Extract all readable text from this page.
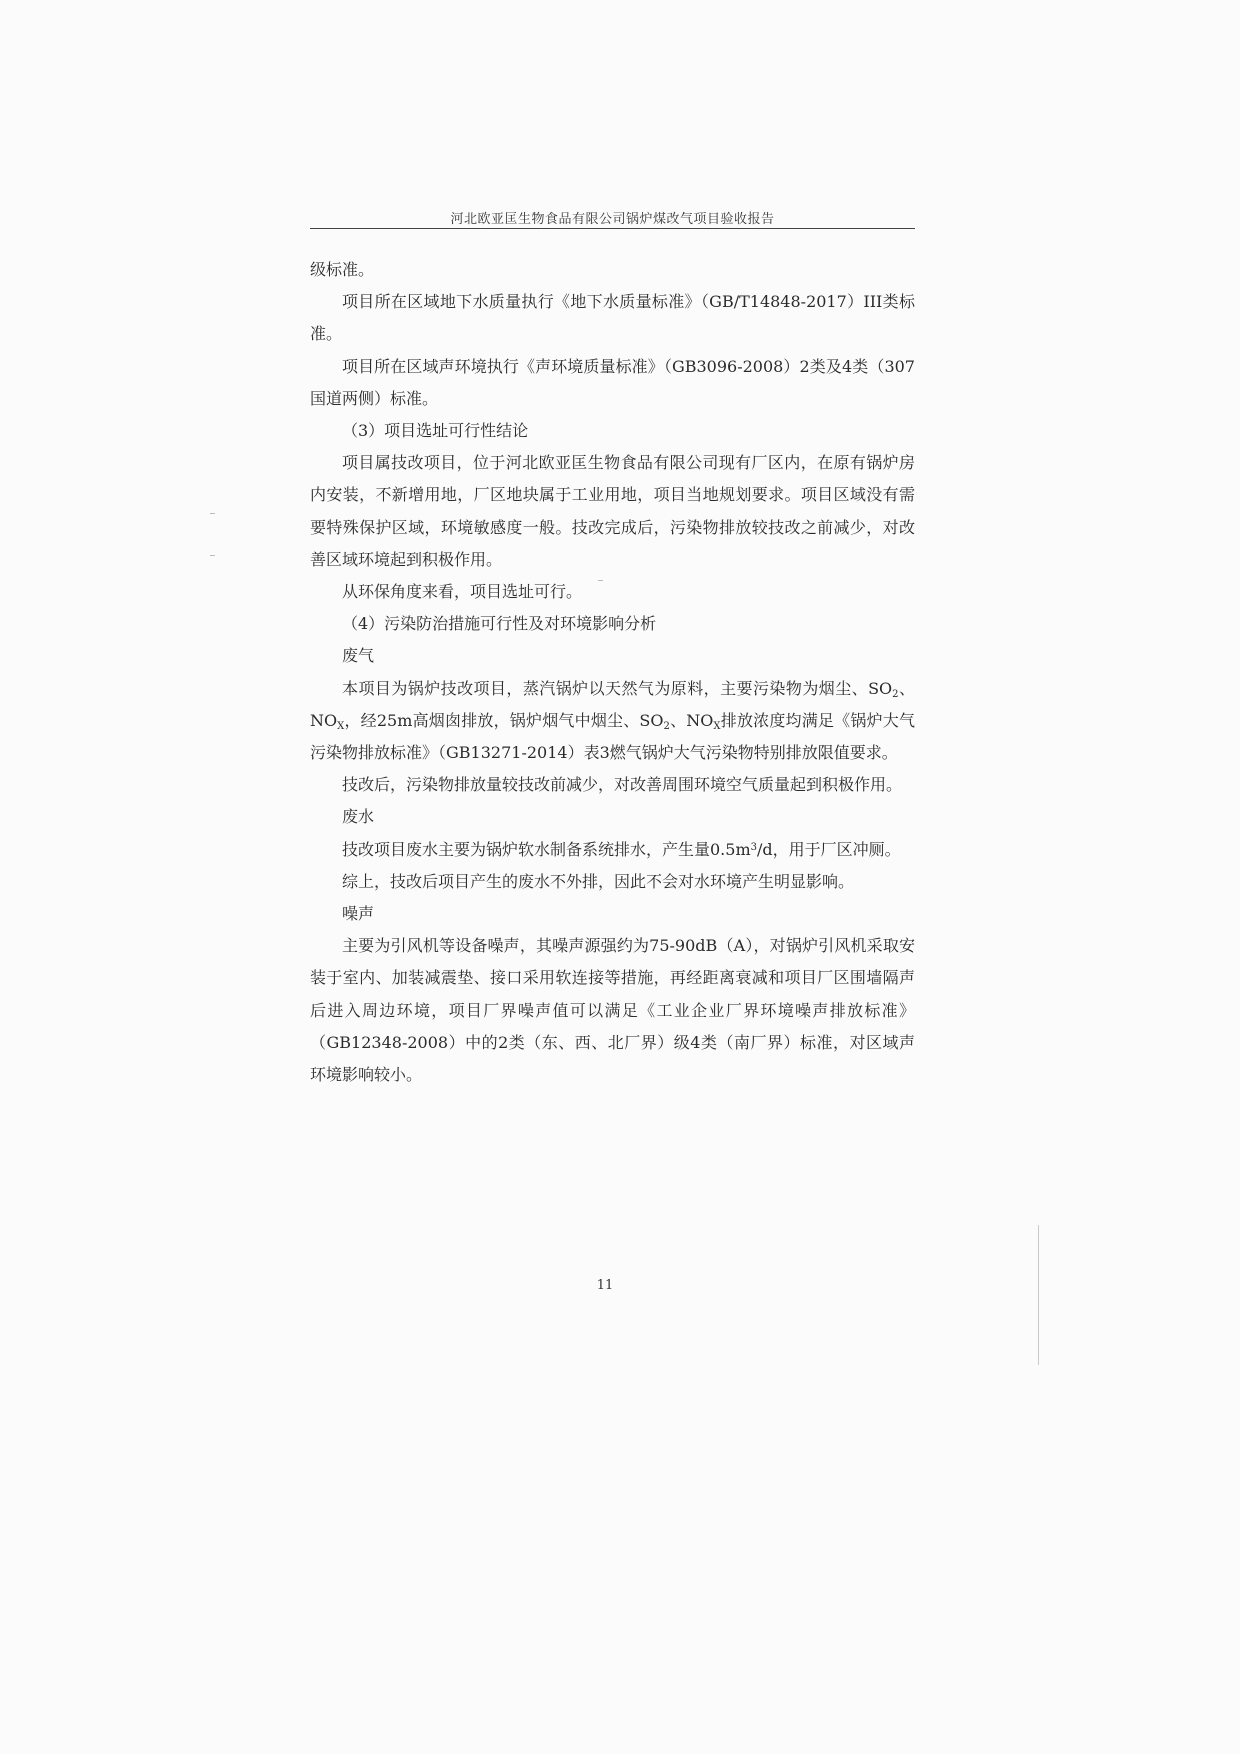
河北欧亚匡生物食品有限公司锅炉煤改气项目验收报告

级标准。

项目所在区域地下水质量执行《地下水质量标准》（GB/T14848-2017）III类标准。

项目所在区域声环境执行《声环境质量标准》（GB3096-2008）2类及4类（307国道两侧）标准。

（3）项目选址可行性结论

项目属技改项目，位于河北欧亚匡生物食品有限公司现有厂区内，在原有锅炉房内安装，不新增用地，厂区地块属于工业用地，项目当地规划要求。项目区域没有需要特殊保护区域，环境敏感度一般。技改完成后，污染物排放较技改之前减少，对改善区域环境起到积极作用。

从环保角度来看，项目选址可行。

（4）污染防治措施可行性及对环境影响分析

废气

本项目为锅炉技改项目，蒸汽锅炉以天然气为原料，主要污染物为烟尘、$SO_2$、$NO_X$，经25m高烟囱排放，锅炉烟气中烟尘、$SO_2$、$NO_X$排放浓度均满足《锅炉大气污染物排放标准》（GB13271-2014）表3燃气锅炉大气污染物特别排放限值要求。

技改后，污染物排放量较技改前减少，对改善周围环境空气质量起到积极作用。

废水

技改项目废水主要为锅炉软水制备系统排水，产生量$0.5m^3/d$，用于厂区冲厕。

综上，技改后项目产生的废水不外排，因此不会对水环境产生明显影响。

噪声

主要为引风机等设备噪声，其噪声源强约为75-90dB（A），对锅炉引风机采取安装于室内、加装减震垫、接口采用软连接等措施，再经距离衰减和项目厂区围墙隔声后进入周边环境，项目厂界噪声值可以满足《工业企业厂界环境噪声排放标准》（GB12348-2008）中的2类（东、西、北厂界）级4类（南厂界）标准，对区域声环境影响较小。

11
